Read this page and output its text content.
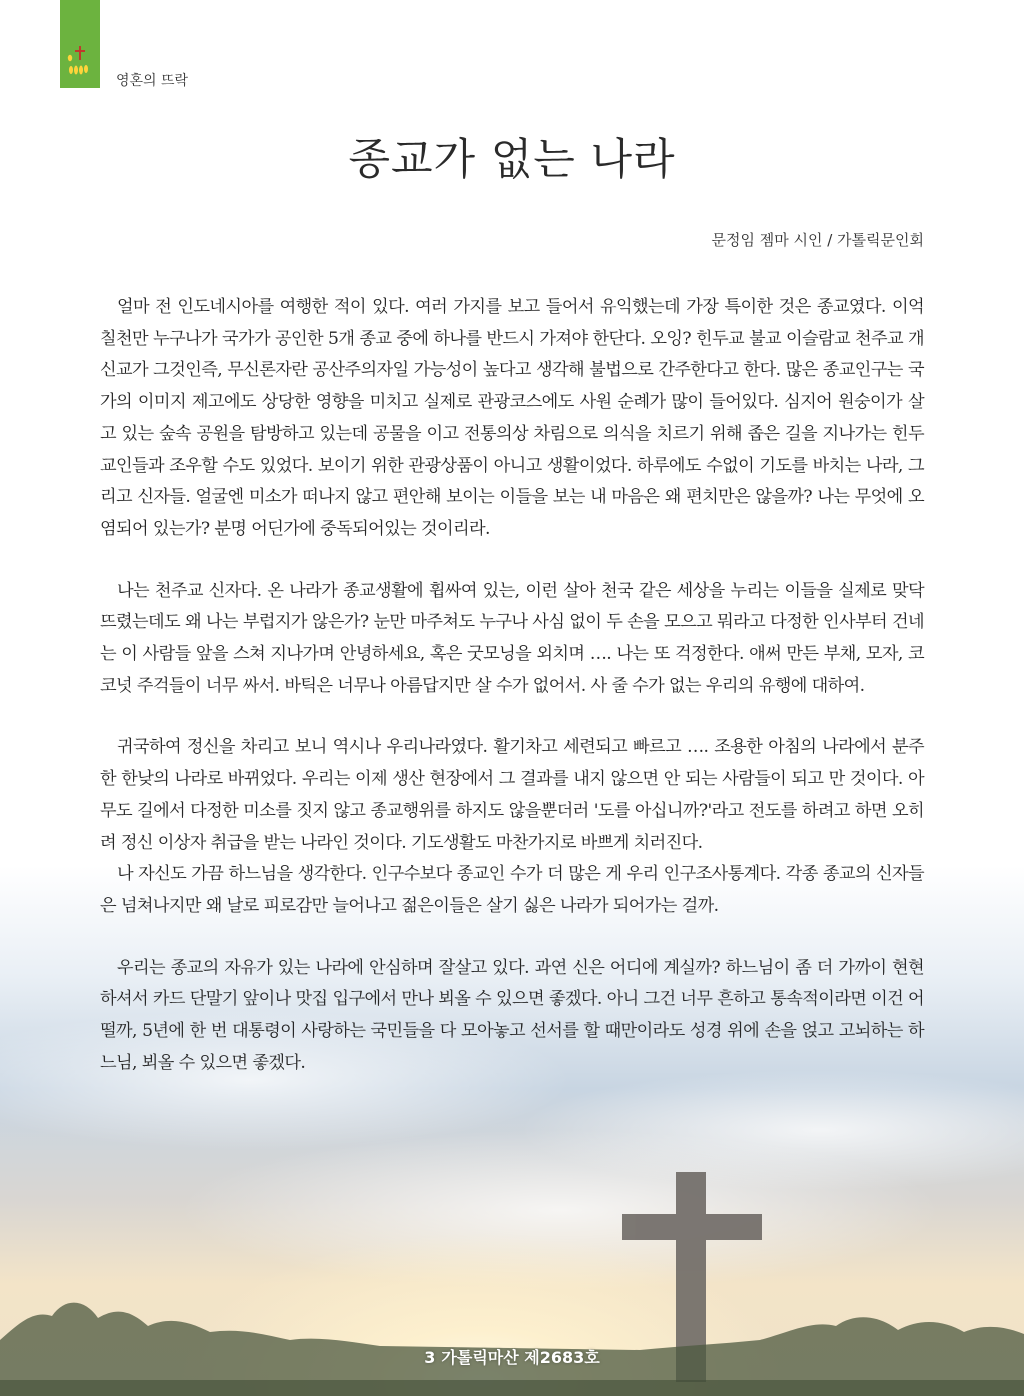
영혼의 뜨락
종교가 없는 나라
문정임 젬마 시인 / 가톨릭문인회

얼마 전 인도네시아를 여행한 적이 있다. 여러 가지를 보고 들어서 유익했는데 가장 특이한 것은 종교였다. 이억 칠천만 누구나가 국가가 공인한 5개 종교 중에 하나를 반드시 가져야 한단다. 오잉? 힌두교 불교 이슬람교 천주교 개신교가 그것인즉, 무신론자란 공산주의자일 가능성이 높다고 생각해 불법으로 간주한다고 한다. 많은 종교인구는 국가의 이미지 제고에도 상당한 영향을 미치고 실제로 관광코스에도 사원 순례가 많이 들어있다. 심지어 원숭이가 살고 있는 숲속 공원을 탐방하고 있는데 공물을 이고 전통의상 차림으로 의식을 치르기 위해 좁은 길을 지나가는 힌두교인들과 조우할 수도 있었다. 보이기 위한 관광상품이 아니고 생활이었다. 하루에도 수없이 기도를 바치는 나라, 그리고 신자들. 얼굴엔 미소가 떠나지 않고 편안해 보이는 이들을 보는 내 마음은 왜 편치만은 않을까? 나는 무엇에 오염되어 있는가? 분명 어딘가에 중독되어있는 것이리라.

나는 천주교 신자다. 온 나라가 종교생활에 휩싸여 있는, 이런 살아 천국 같은 세상을 누리는 이들을 실제로 맞닥뜨렸는데도 왜 나는 부럽지가 않은가? 눈만 마주쳐도 누구나 사심 없이 두 손을 모으고 뭐라고 다정한 인사부터 건네는 이 사람들 앞을 스쳐 지나가며 안녕하세요, 혹은 굿모닝을 외치며 …. 나는 또 걱정한다. 애써 만든 부채, 모자, 코코넛 주걱들이 너무 싸서. 바틱은 너무나 아름답지만 살 수가 없어서. 사 줄 수가 없는 우리의 유행에 대하여.

귀국하여 정신을 차리고 보니 역시나 우리나라였다. 활기차고 세련되고 빠르고 …. 조용한 아침의 나라에서 분주한 한낮의 나라로 바뀌었다. 우리는 이제 생산 현장에서 그 결과를 내지 않으면 안 되는 사람들이 되고 만 것이다. 아무도 길에서 다정한 미소를 짓지 않고 종교행위를 하지도 않을뿐더러 '도를 아십니까?'라고 전도를 하려고 하면 오히려 정신 이상자 취급을 받는 나라인 것이다. 기도생활도 마찬가지로 바쁘게 치러진다.

나 자신도 가끔 하느님을 생각한다. 인구수보다 종교인 수가 더 많은 게 우리 인구조사통계다. 각종 종교의 신자들은 넘쳐나지만 왜 날로 피로감만 늘어나고 젊은이들은 살기 싫은 나라가 되어가는 걸까.

우리는 종교의 자유가 있는 나라에 안심하며 잘살고 있다. 과연 신은 어디에 계실까? 하느님이 좀 더 가까이 현현하셔서 카드 단말기 앞이나 맛집 입구에서 만나 뵈올 수 있으면 좋겠다. 아니 그건 너무 흔하고 통속적이라면 이건 어떨까, 5년에 한 번 대통령이 사랑하는 국민들을 다 모아놓고 선서를 할 때만이라도 성경 위에 손을 얹고 고뇌하는 하느님, 뵈올 수 있으면 좋겠다.

3 가톨릭마산 제2683호
